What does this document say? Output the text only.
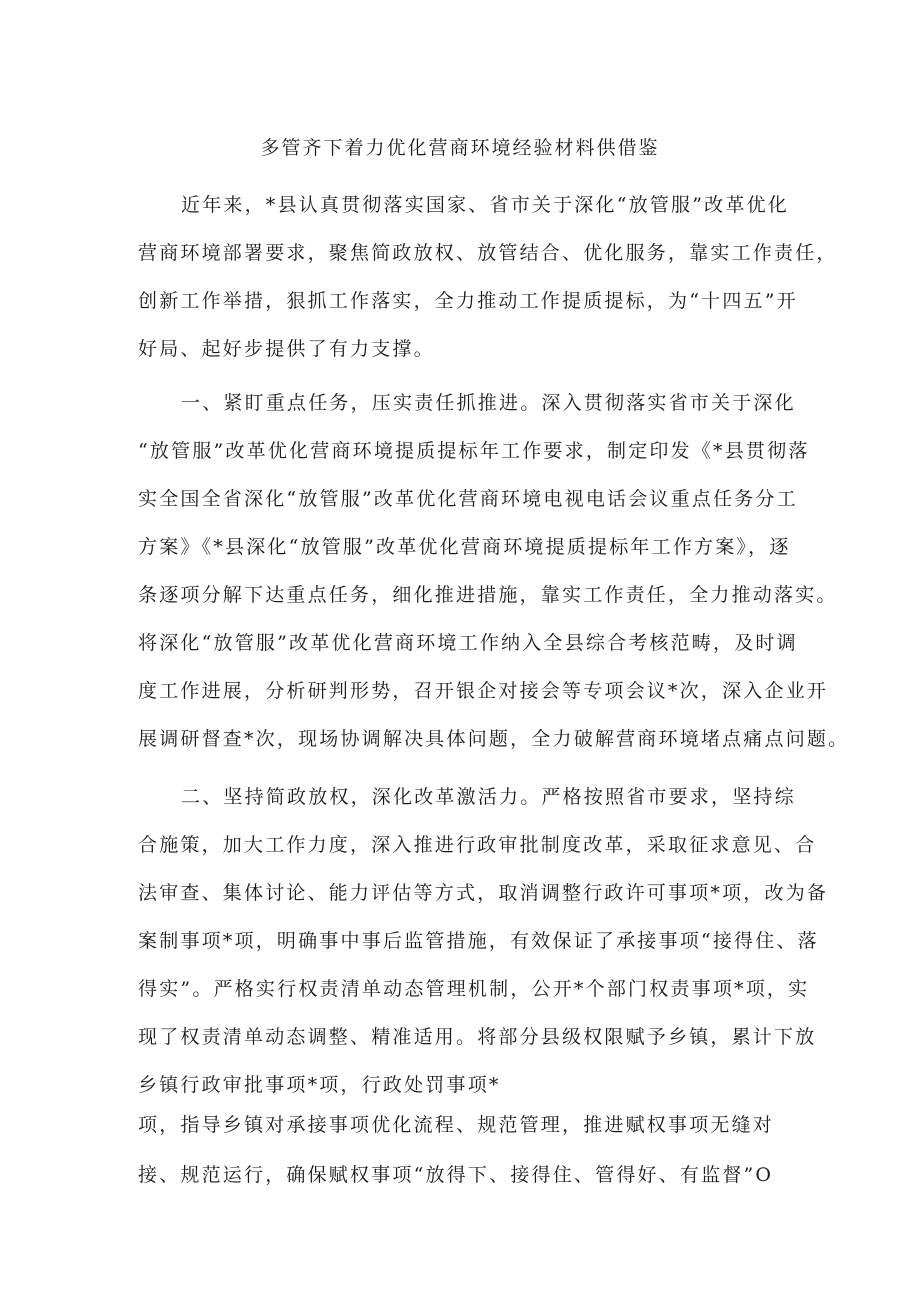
多管齐下着力优化营商环境经验材料供借鉴
近年来，*县认真贯彻落实国家、省市关于深化“放管服”改革优化
营商环境部署要求，聚焦简政放权、放管结合、优化服务，靠实工作责任，
创新工作举措，狠抓工作落实，全力推动工作提质提标，为“十四五”开
好局、起好步提供了有力支撑。
一、紧盯重点任务，压实责任抓推进。深入贯彻落实省市关于深化
“放管服”改革优化营商环境提质提标年工作要求，制定印发《*县贯彻落
实全国全省深化“放管服”改革优化营商环境电视电话会议重点任务分工
方案》《*县深化“放管服”改革优化营商环境提质提标年工作方案》，逐
条逐项分解下达重点任务，细化推进措施，靠实工作责任，全力推动落实。
将深化“放管服”改革优化营商环境工作纳入全县综合考核范畴，及时调
度工作进展，分析研判形势，召开银企对接会等专项会议*次，深入企业开
展调研督查*次，现场协调解决具体问题，全力破解营商环境堵点痛点问题。
二、坚持简政放权，深化改革激活力。严格按照省市要求，坚持综
合施策，加大工作力度，深入推进行政审批制度改革，采取征求意见、合
法审查、集体讨论、能力评估等方式，取消调整行政许可事项*项，改为备
案制事项*项，明确事中事后监管措施，有效保证了承接事项“接得住、落
得实”。严格实行权责清单动态管理机制，公开*个部门权责事项*项，实
现了权责清单动态调整、精准适用。将部分县级权限赋予乡镇，累计下放
乡镇行政审批事项*项，行政处罚事项*
项，指导乡镇对承接事项优化流程、规范管理，推进赋权事项无缝对
接、规范运行，确保赋权事项“放得下、接得住、管得好、有监督”O
